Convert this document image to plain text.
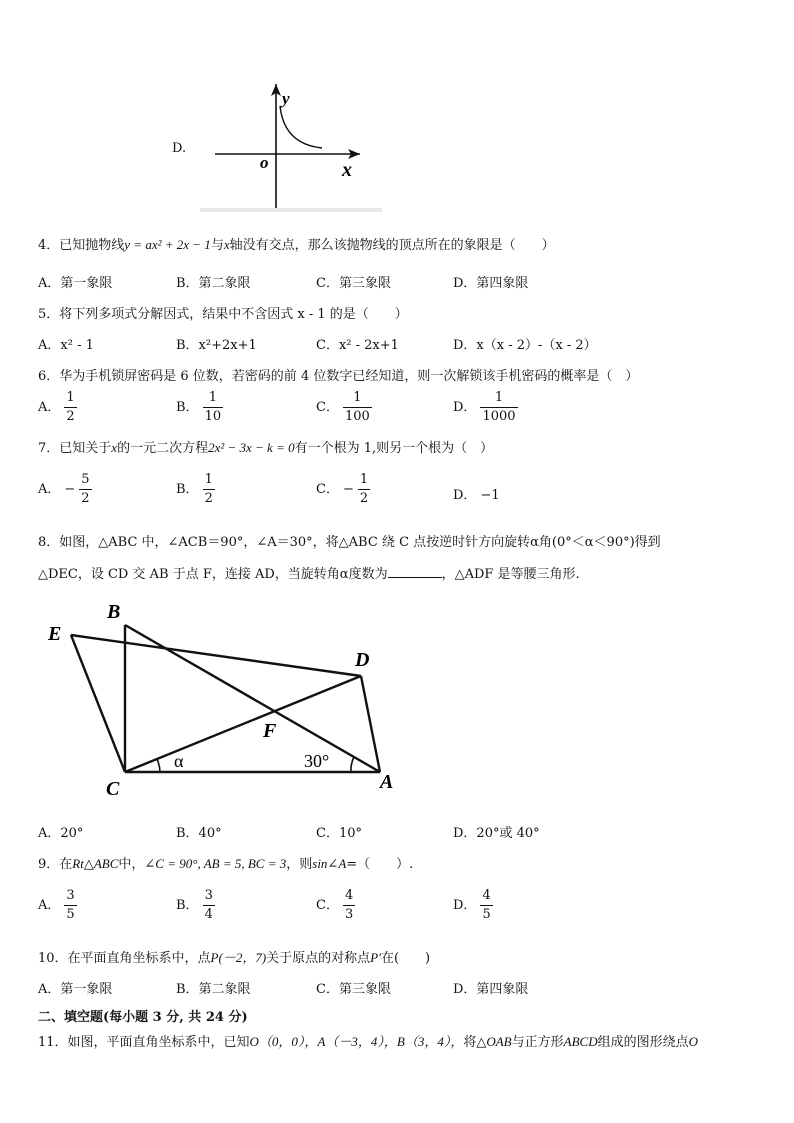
D.
y
x
o
4．已知抛物线y = ax² + 2x − 1与x轴没有交点，那么该抛物线的顶点所在的象限是（　　）
A．第一象限	B．第二象限	C．第三象限	D．第四象限
5．将下列多项式分解因式，结果中不含因式 x - 1 的是（　　）
A．x² - 1	B．x²+2x+1	C．x² - 2x+1	D．x（x - 2）-（x - 2）
6．华为手机锁屏密码是 6 位数，若密码的前 4 位数字已经知道，则一次解锁该手机密码的概率是（　）
A． $\frac{1}{2}$	B． $\frac{1}{10}$	C． $\frac{1}{100}$	D． $\frac{1}{1000}$
7．已知关于x的一元二次方程2x² − 3x − k = 0有一个根为 1,则另一个根为（　）
A． − $\frac{5}{2}$	B． $\frac{1}{2}$	C． − $\frac{1}{2}$	D． −1
8．如图，△ABC 中，∠ACB＝90°，∠A＝30°，将△ABC 绕 C 点按逆时针方向旋转α角(0°＜α＜90°)得到
△DEC，设 CD 交 AB 于点 F，连接 AD，当旋转角α度数为	，△ADF 是等腰三角形.
B
E
D
F
C	A
α	30°
A．20°	B．40°	C．10°	D．20°或 40°
9．在Rt△ABC中，∠C = 90°, AB = 5, BC = 3，则sin∠A=（　　）.
A． $\frac{3}{5}$	B． $\frac{3}{4}$	C． $\frac{4}{3}$	D． $\frac{4}{5}$
10．在平面直角坐标系中，点P(－2，7)关于原点的对称点P′在(　　)
A．第一象限	B．第二象限	C．第三象限	D．第四象限
二、填空题(每小题 3 分, 共 24 分)
11．如图，平面直角坐标系中，已知O（0，0），A（－3，4），B（3，4），将△OAB与正方形ABCD组成的图形绕点O
